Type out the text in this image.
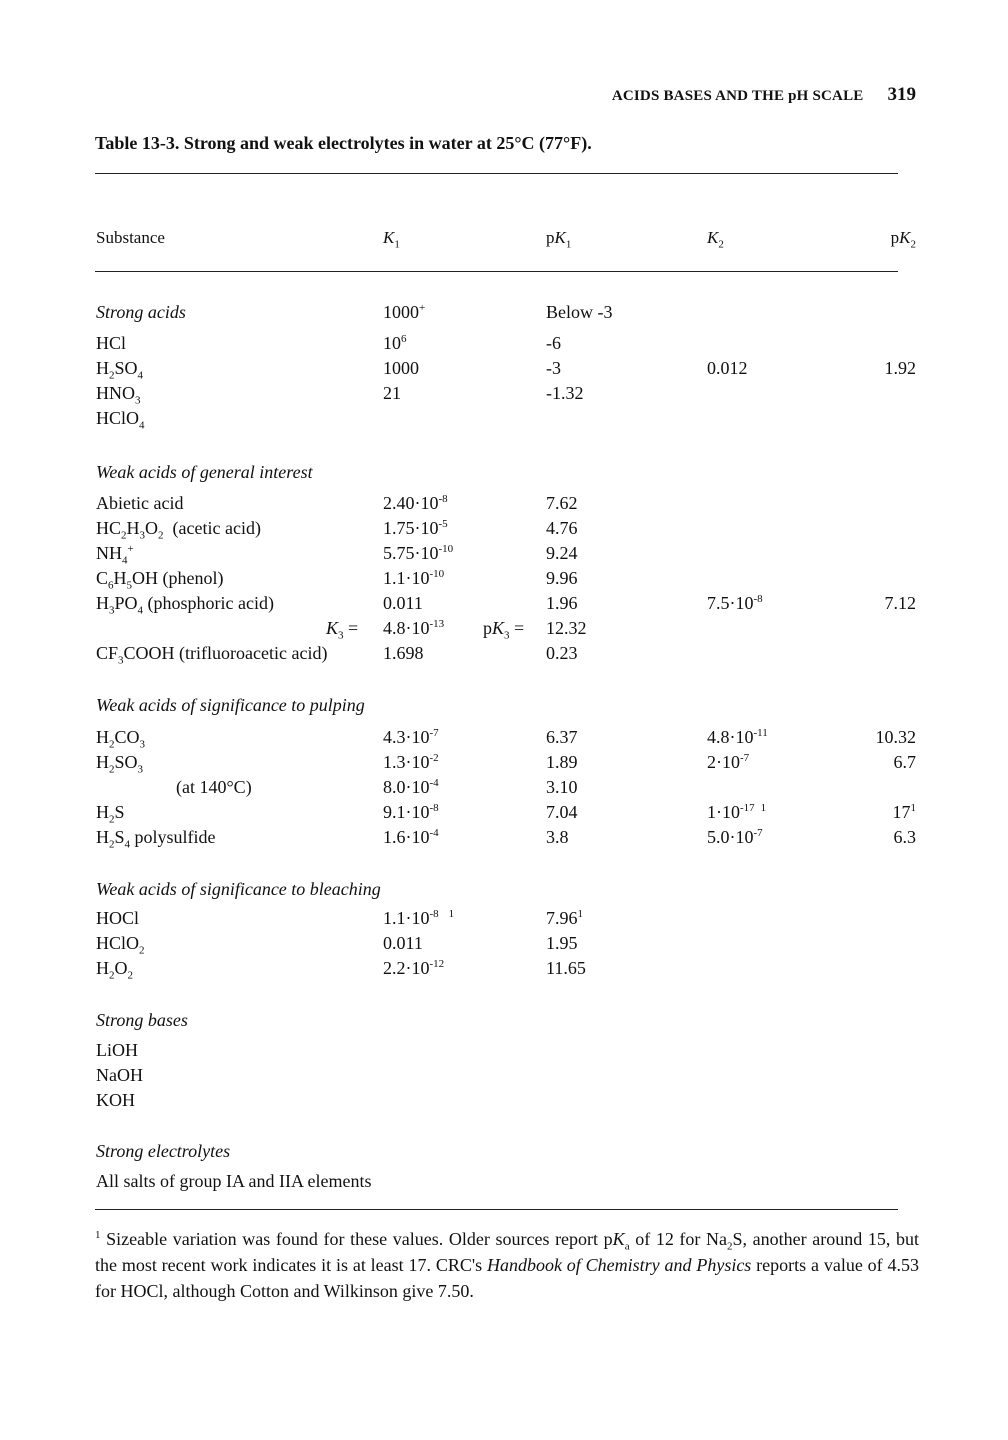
ACIDS BASES AND THE pH SCALE 319
Table 13-3. Strong and weak electrolytes in water at 25°C (77°F).
Substance	$K_1$	$pK_1$	$K_2$	$pK_2$
Strong acids	1000+	Below -3
HCl	$10^6$	-6
$H_2SO_4$	1000	-3	0.012	1.92
$HNO_3$	21	-1.32
HClO$_4$
Weak acids of general interest
Abietic acid	$2.40\cdot 10^{-8}$	7.62
$HC_2H_3O_2$  (acetic acid)	$1.75\cdot 10^{-5}$	4.76
$NH_4^+$	$5.75\cdot 10^{-10}$	9.24
$C_6H_5OH$ (phenol)	$1.1\cdot 10^{-10}$	9.96
$H_3PO_4$ (phosphoric acid)	0.011	1.96	$7.5\cdot 10^{-8}$	7.12
$K_3 = 4.8\cdot 10^{-13}$ $pK_3 = 12.32$
$CF_3COOH$ (trifluoroacetic acid)	1.698	0.23
Weak acids of significance to pulping
$H_2CO_3$	$4.3\cdot 10^{-7}$	6.37	$4.8\cdot 10^{-11}$	10.32
$H_2SO_3$	$1.3\cdot 10^{-2}$	1.89	$2\cdot 10^{-7}$	6.7
(at 140°C)	$8.0\cdot 10^{-4}$	3.10
$H_2S$	$9.1\cdot 10^{-8}$	7.04	$1\cdot 10^{-17}$ $^1$	$17^1$
$H_2S_4$ polysulfide	$1.6\cdot 10^{-4}$	3.8	$5.0\cdot 10^{-7}$	6.3
Weak acids of significance to bleaching
HOCl	$1.1\cdot 10^{-8}$ $^1$	7.96$^1$
HClO$_2$	0.011	1.95
$H_2O_2$	$2.2\cdot 10^{-12}$	11.65
Strong bases
LiOH
NaOH
KOH
Strong electrolytes
All salts of group IA and IIA elements
$^1$ Sizeable variation was found for these values. Older sources report $pK_a$ of 12 for $Na_2S$, another around 15, but the most recent work indicates it is at least 17. CRC's Handbook of Chemistry and Physics reports a value of 4.53 for HOCl, although Cotton and Wilkinson give 7.50.
